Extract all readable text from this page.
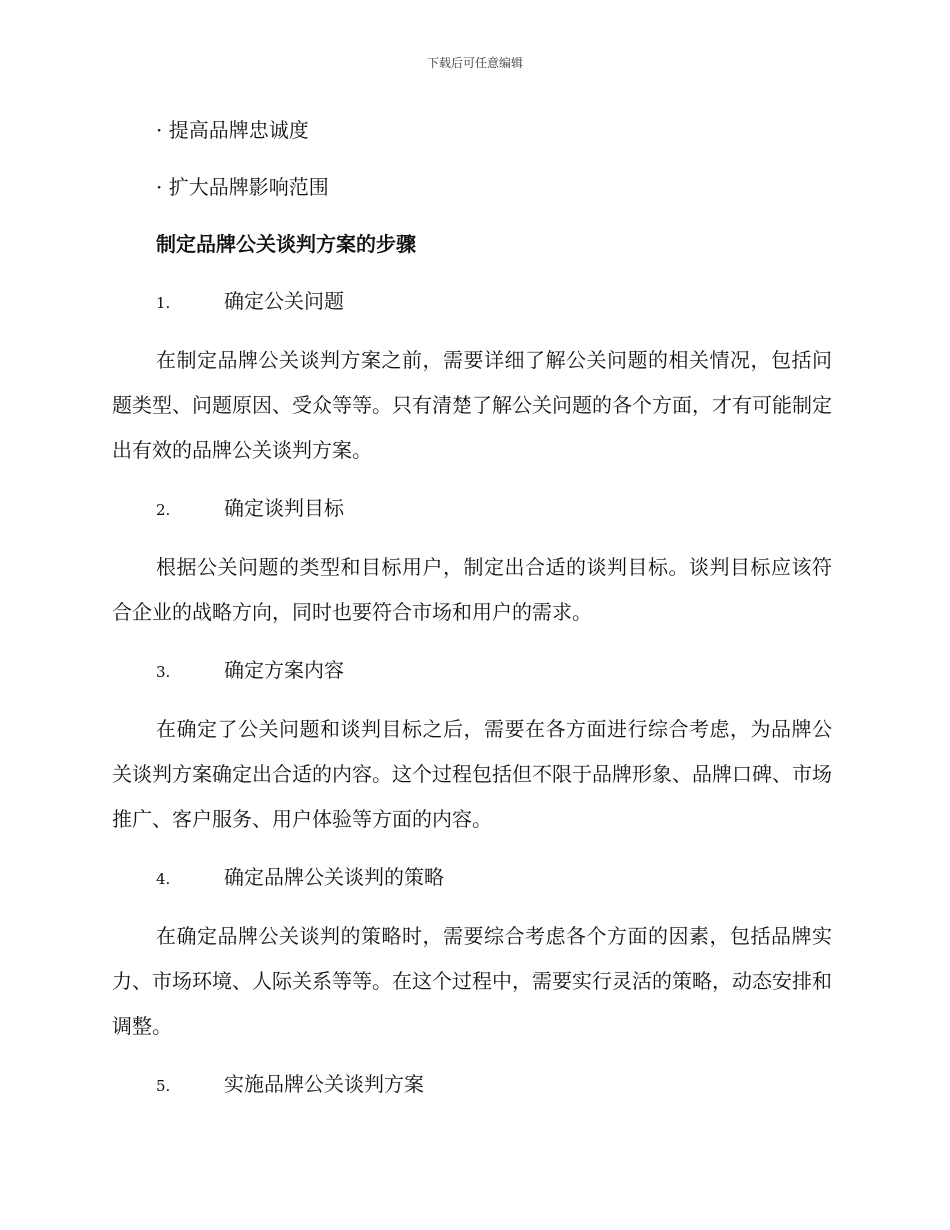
下载后可任意编辑
· 提高品牌忠诚度
· 扩大品牌影响范围
制定品牌公关谈判方案的步骤
1.	确定公关问题

在制定品牌公关谈判方案之前，需要详细了解公关问题的相关情况，包括问题类型、问题原因、受众等等。只有清楚了解公关问题的各个方面，才有可能制定出有效的品牌公关谈判方案。

2.	确定谈判目标

根据公关问题的类型和目标用户，制定出合适的谈判目标。谈判目标应该符合企业的战略方向，同时也要符合市场和用户的需求。

3.	确定方案内容

在确定了公关问题和谈判目标之后，需要在各方面进行综合考虑，为品牌公关谈判方案确定出合适的内容。这个过程包括但不限于品牌形象、品牌口碑、市场推广、客户服务、用户体验等方面的内容。

4.	确定品牌公关谈判的策略

在确定品牌公关谈判的策略时，需要综合考虑各个方面的因素，包括品牌实力、市场环境、人际关系等等。在这个过程中，需要实行灵活的策略，动态安排和调整。

5.	实施品牌公关谈判方案
